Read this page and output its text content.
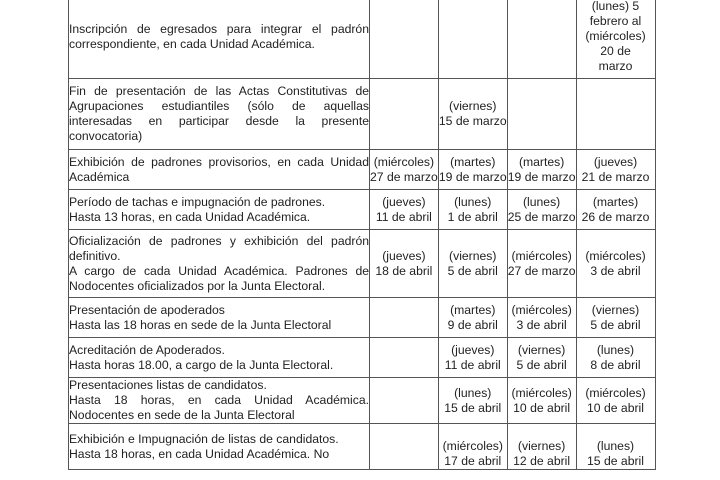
Inscripción de egresados para integrar el padrón correspondiente, en cada Unidad Académica.				(lunes) 5
febrero al
(miércoles)
20 de
marzo

Fin de presentación de las Actas Constitutivas de Agrupaciones estudiantiles (sólo de aquellas interesadas en participar desde la presente convocatoria)		(viernes)
15 de marzo		

Exhibición de padrones provisorios, en cada Unidad Académica	(miércoles)
27 de marzo	(martes)
19 de marzo	(martes)
19 de marzo	(jueves)
21 de marzo

Período de tachas e impugnación de padrones.
Hasta 13 horas, en cada Unidad Académica.	(jueves)
11 de abril	(lunes)
1 de abril	(lunes)
25 de marzo	(martes)
26 de marzo

Oficialización de padrones y exhibición del padrón definitivo.
A cargo de cada Unidad Académica. Padrones de Nodocentes oficializados por la Junta Electoral.	(jueves)
18 de abril	(viernes)
5 de abril	(miércoles)
27 de marzo	(miércoles)
3 de abril

Presentación de apoderados
Hasta las 18 horas en sede de la Junta Electoral		(martes)
9 de abril	(miércoles)
3 de abril	(viernes)
5 de abril

Acreditación de Apoderados.
Hasta horas 18.00, a cargo de la Junta Electoral.		(jueves)
11 de abril	(viernes)
5 de abril	(lunes)
8 de abril

Presentaciones listas de candidatos.
Hasta 18 horas, en cada Unidad Académica. Nodocentes en sede de la Junta Electoral		(lunes)
15 de abril	(miércoles)
10 de abril	(miércoles)
10 de abril

Exhibición e Impugnación de listas de candidatos.
Hasta 18 horas, en cada Unidad Académica. No		(miércoles)
17 de abril	(viernes)
12 de abril	(lunes)
15 de abril
